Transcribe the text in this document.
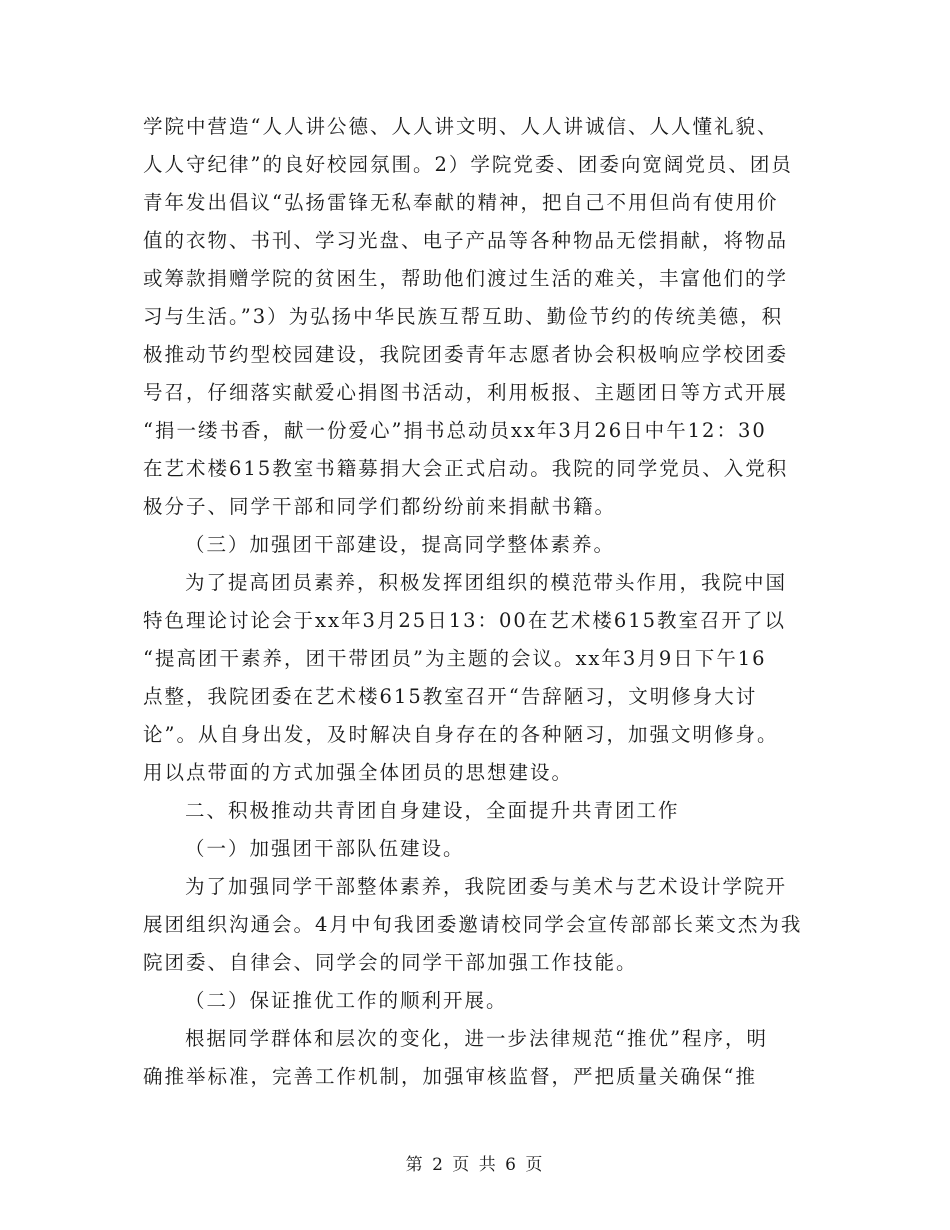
学院中营造“人人讲公德、人人讲文明、人人讲诚信、人人懂礼貌、
人人守纪律”的良好校园氛围。2）学院党委、团委向宽阔党员、团员
青年发出倡议“弘扬雷锋无私奉献的精神，把自己不用但尚有使用价
值的衣物、书刊、学习光盘、电子产品等各种物品无偿捐献，将物品
或筹款捐赠学院的贫困生，帮助他们渡过生活的难关，丰富他们的学
习与生活。”3）为弘扬中华民族互帮互助、勤俭节约的传统美德，积
极推动节约型校园建设，我院团委青年志愿者协会积极响应学校团委
号召，仔细落实献爱心捐图书活动，利用板报、主题团日等方式开展
“捐一缕书香，献一份爱心”捐书总动员xx年3月26日中午12：30
在艺术楼615教室书籍募捐大会正式启动。我院的同学党员、入党积
极分子、同学干部和同学们都纷纷前来捐献书籍。
（三）加强团干部建设，提高同学整体素养。
为了提高团员素养，积极发挥团组织的模范带头作用，我院中国
特色理论讨论会于xx年3月25日13：00在艺术楼615教室召开了以
“提高团干素养，团干带团员”为主题的会议。xx年3月9日下午16
点整，我院团委在艺术楼615教室召开“告辞陋习，文明修身大讨
论”。从自身出发，及时解决自身存在的各种陋习，加强文明修身。
用以点带面的方式加强全体团员的思想建设。
二、积极推动共青团自身建设，全面提升共青团工作
（一）加强团干部队伍建设。
为了加强同学干部整体素养，我院团委与美术与艺术设计学院开
展团组织沟通会。4月中旬我团委邀请校同学会宣传部部长莱文杰为我
院团委、自律会、同学会的同学干部加强工作技能。
（二）保证推优工作的顺利开展。
根据同学群体和层次的变化，进一步法律规范“推优”程序，明
确推举标准，完善工作机制，加强审核监督，严把质量关确保“推
第 2 页 共 6 页
